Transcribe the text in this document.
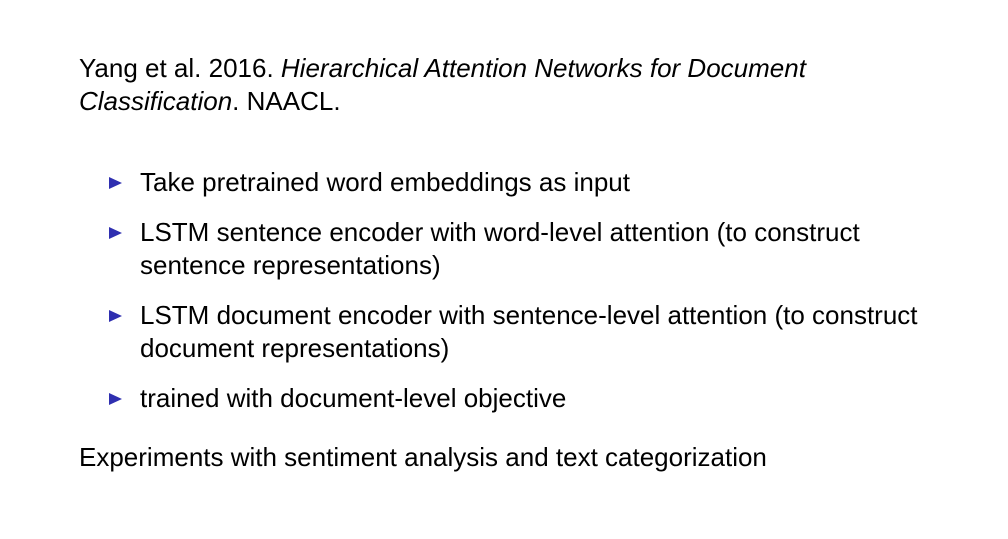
Yang et al. 2016. Hierarchical Attention Networks for Document Classification. NAACL.
Take pretrained word embeddings as input
LSTM sentence encoder with word-level attention (to construct sentence representations)
LSTM document encoder with sentence-level attention (to construct document representations)
trained with document-level objective
Experiments with sentiment analysis and text categorization
